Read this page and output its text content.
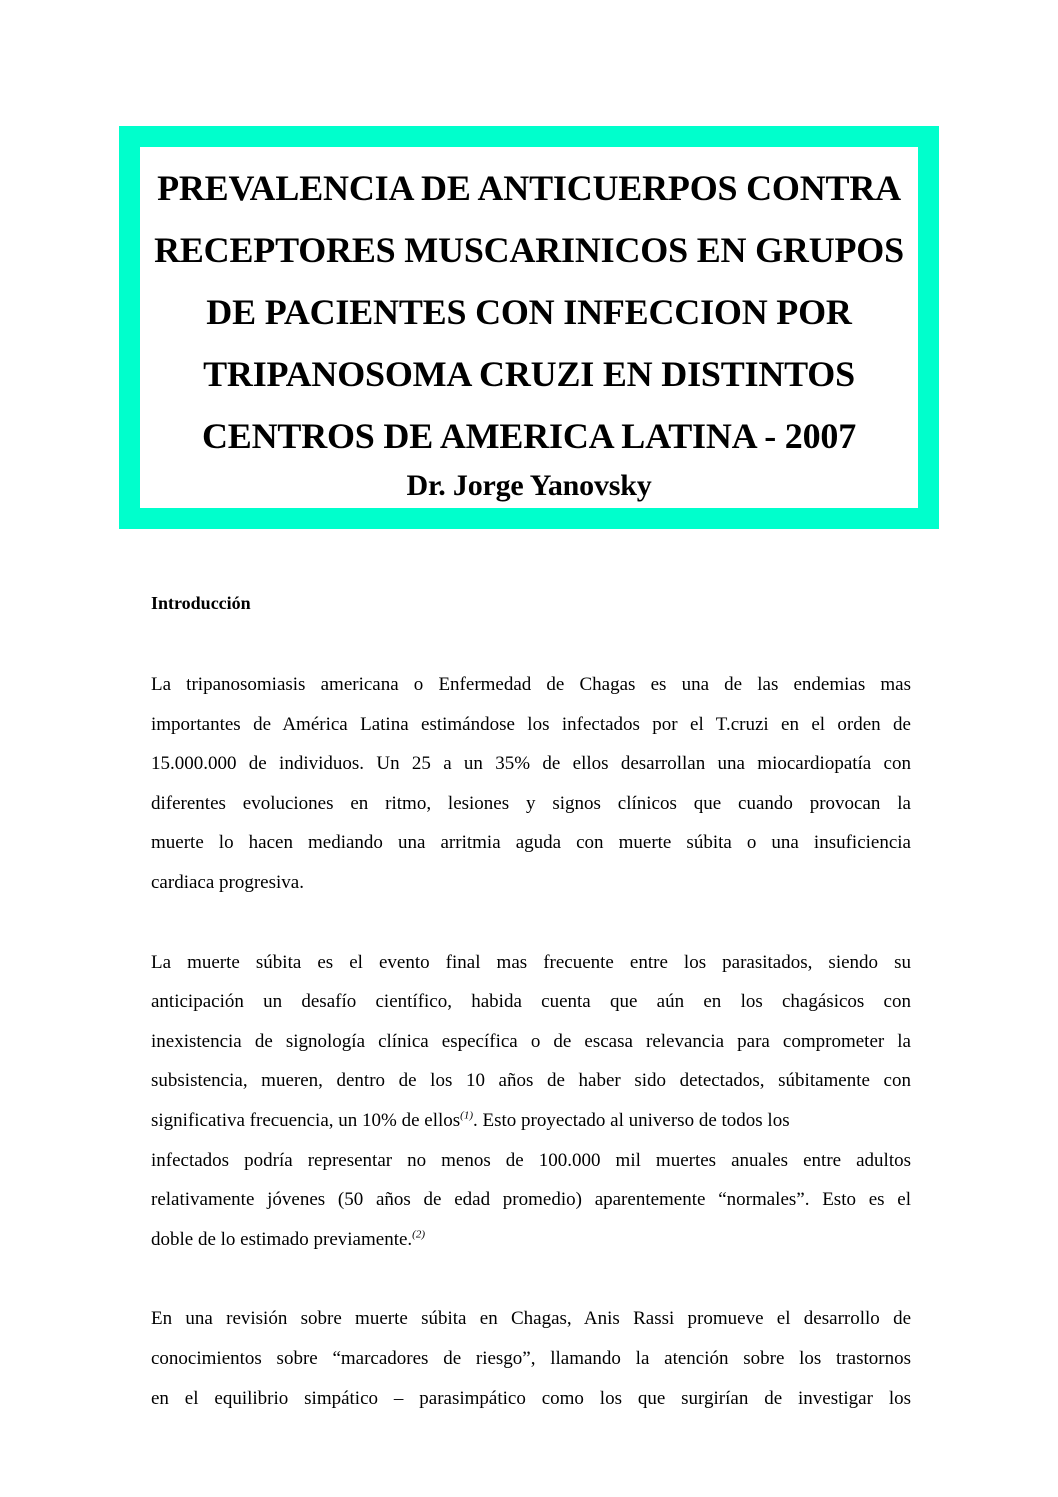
PREVALENCIA DE ANTICUERPOS CONTRA
RECEPTORES MUSCARINICOS EN GRUPOS
DE PACIENTES CON INFECCION POR
TRIPANOSOMA CRUZI EN DISTINTOS
CENTROS DE AMERICA LATINA - 2007
Dr. Jorge Yanovsky
Introducción

La tripanosomiasis americana o Enfermedad de Chagas es una de las endemias mas
importantes de América Latina estimándose los infectados por el T.cruzi en el orden de
15.000.000 de individuos. Un 25 a un 35% de ellos desarrollan una miocardiopatía con
diferentes evoluciones en ritmo, lesiones y signos clínicos que cuando provocan la
muerte lo hacen mediando una arritmia aguda con muerte súbita o una insuficiencia
cardiaca progresiva.

La muerte súbita es el evento final mas frecuente entre los parasitados, siendo su
anticipación un desafío científico, habida cuenta que aún en los chagásicos con
inexistencia de signología clínica específica o de escasa relevancia para comprometer la
subsistencia, mueren, dentro de los 10 años de haber sido detectados, súbitamente con
significativa frecuencia, un 10% de ellos$^{(1)}$. Esto proyectado al universo de todos los
infectados podría representar no menos de 100.000 mil muertes anuales entre adultos
relativamente jóvenes (50 años de edad promedio) aparentemente “normales”. Esto es el
doble de lo estimado previamente.$^{(2)}$

En una revisión sobre muerte súbita en Chagas, Anis Rassi promueve el desarrollo de
conocimientos sobre “marcadores de riesgo”, llamando la atención sobre los trastornos
en el equilibrio simpático – parasimpático como los que surgirían de investigar los
